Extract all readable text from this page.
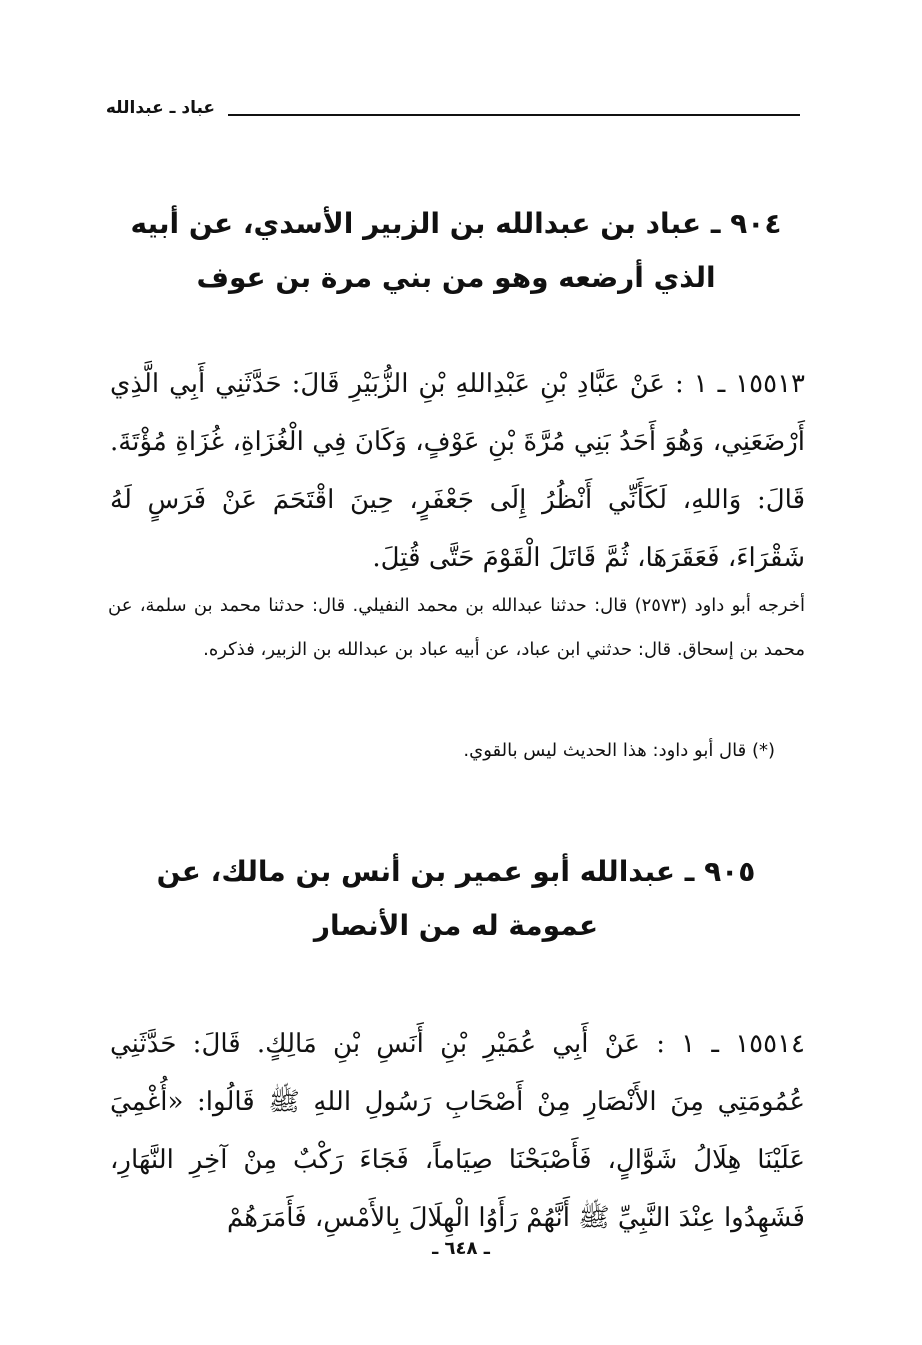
عباد ـ عبدالله
٩٠٤ ـ عباد بن عبدالله بن الزبير الأسدي، عن أبيه الذي أرضعه وهو من بني مرة بن عوف

١٥٥١٣ ـ ١ : عَنْ عَبَّادِ بْنِ عَبْدِاللهِ بْنِ الزُّبَيْرِ قَالَ: حَدَّثَنِي أَبِي الَّذِي أَرْضَعَنِي، وَهُوَ أَحَدُ بَنِي مُرَّةَ بْنِ عَوْفٍ، وَكَانَ فِي الْغُزَاةِ، غُزَاةِ مُؤْتَةَ. قَالَ: وَاللهِ، لَكَأَنِّي أَنْظُرُ إِلَى جَعْفَرٍ، حِينَ اقْتَحَمَ عَنْ فَرَسٍ لَهُ شَقْرَاءَ، فَعَقَرَهَا، ثُمَّ قَاتَلَ الْقَوْمَ حَتَّى قُتِلَ.

أخرجه أبو داود (٢٥٧٣) قال: حدثنا عبدالله بن محمد النفيلي. قال: حدثنا محمد بن سلمة، عن محمد بن إسحاق. قال: حدثني ابن عباد، عن أبيه عباد بن عبدالله بن الزبير، فذكره.

(*) قال أبو داود: هذا الحديث ليس بالقوي.
٩٠٥ ـ عبدالله أبو عمير بن أنس بن مالك، عن عمومة له من الأنصار

١٥٥١٤ ـ ١ : عَنْ أَبِي عُمَيْرِ بْنِ أَنَسِ بْنِ مَالِكٍ. قَالَ: حَدَّثَنِي عُمُومَتِي مِنَ الأَنْصَارِ مِنْ أَصْحَابِ رَسُولِ اللهِ ﷺ قَالُوا: «أُغْمِيَ عَلَيْنَا هِلَالُ شَوَّالٍ، فَأَصْبَحْنَا صِيَاماً، فَجَاءَ رَكْبٌ مِنْ آخِرِ النَّهَارِ، فَشَهِدُوا عِنْدَ النَّبِيِّ ﷺ أَنَّهُمْ رَأَوُا الْهِلَالَ بِالأَمْسِ، فَأَمَرَهُمْ

ـ ٦٤٨ ـ
